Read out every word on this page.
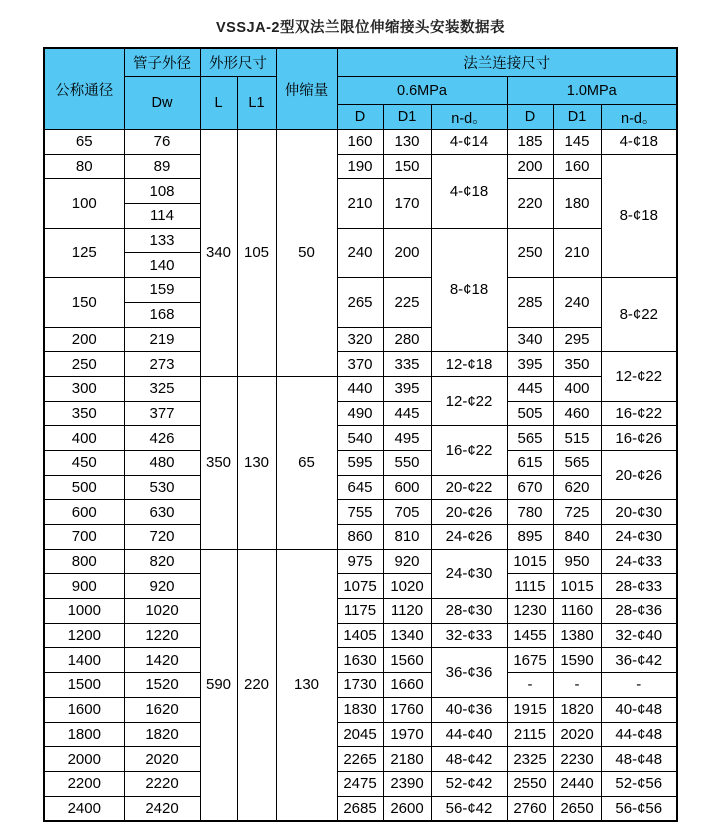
VSSJA-2型双法兰限位伸缩接头安装数据表
公称通径	管子外径	外形尺寸		伸缩量	法兰连接尺寸					
	Dw	L	L1		0.6MPa			1.0MPa		
					D	D1	n-d。	D	D1	n-d。
65	76	340	105	50	160	130	4-¢14	185	145	4-¢18
80	89				190	150	4-¢18	200	160	8-¢18
100	108				210	170		220	180	
	114									
125	133				240	200	8-¢18	250	210	
	140									
150	159				265	225		285	240	8-¢22
	168									
200	219				320	280		340	295	
250	273				370	335	12-¢18	395	350	12-¢22
300	325	350	130	65	440	395	12-¢22	445	400	
350	377				490	445		505	460	16-¢22
400	426				540	495	16-¢22	565	515	16-¢26
450	480				595	550		615	565	20-¢26
500	530				645	600	20-¢22	670	620	
600	630				755	705	20-¢26	780	725	20-¢30
700	720				860	810	24-¢26	895	840	24-¢30
800	820	590	220	130	975	920	24-¢30	1015	950	24-¢33
900	920				1075	1020		1115	1015	28-¢33
1000	1020				1175	1120	28-¢30	1230	1160	28-¢36
1200	1220				1405	1340	32-¢33	1455	1380	32-¢40
1400	1420				1630	1560	36-¢36	1675	1590	36-¢42
1500	1520				1730	1660		-	-	-
1600	1620				1830	1760	40-¢36	1915	1820	40-¢48
1800	1820				2045	1970	44-¢40	2115	2020	44-¢48
2000	2020				2265	2180	48-¢42	2325	2230	48-¢48
2200	2220				2475	2390	52-¢42	2550	2440	52-¢56
2400	2420				2685	2600	56-¢42	2760	2650	56-¢56
